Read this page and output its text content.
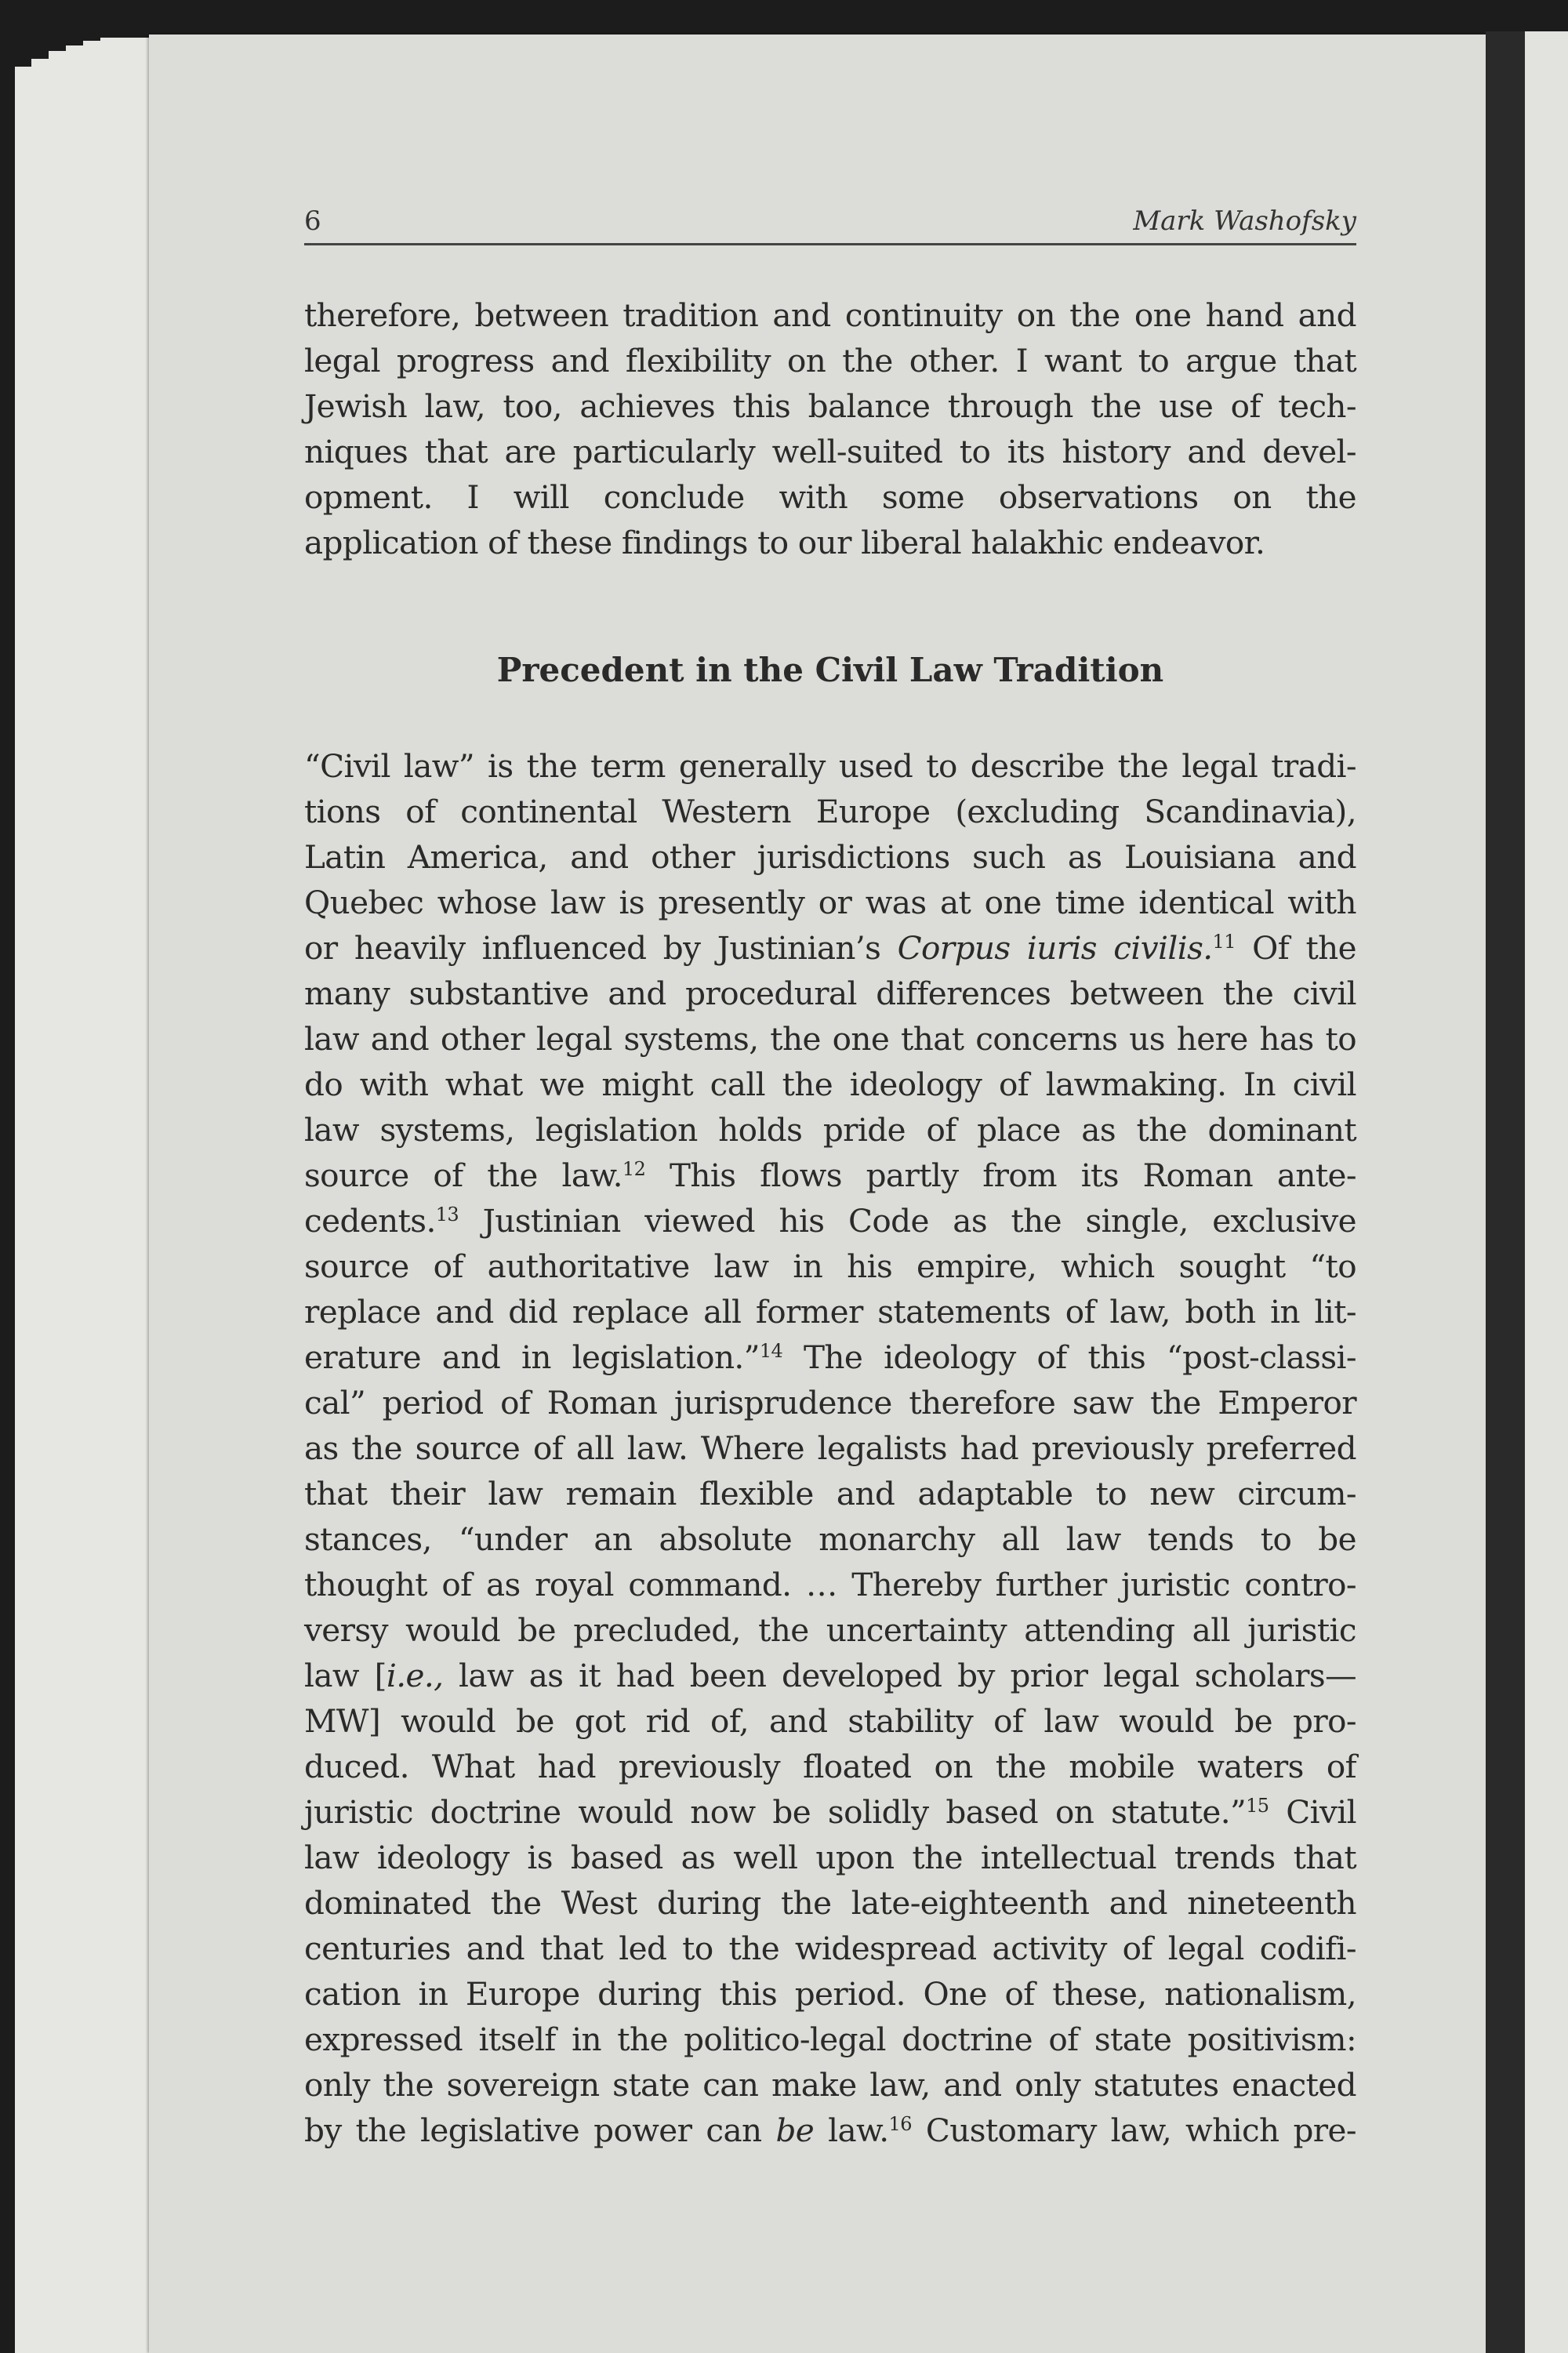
6	Mark Washofsky
therefore, between tradition and continuity on the one hand and
legal progress and flexibility on the other. I want to argue that
Jewish law, too, achieves this balance through the use of tech-
niques that are particularly well-suited to its history and devel-
opment. I will conclude with some observations on the
application of these findings to our liberal halakhic endeavor.
Precedent in the Civil Law Tradition
“Civil law” is the term generally used to describe the legal tradi-
tions of continental Western Europe (excluding Scandinavia),
Latin America, and other jurisdictions such as Louisiana and
Quebec whose law is presently or was at one time identical with
or heavily influenced by Justinian’s Corpus iuris civilis.$^{11}$ Of the
many substantive and procedural differences between the civil
law and other legal systems, the one that concerns us here has to
do with what we might call the ideology of lawmaking. In civil
law systems, legislation holds pride of place as the dominant
source of the law.$^{12}$ This flows partly from its Roman ante-
cedents.$^{13}$ Justinian viewed his Code as the single, exclusive
source of authoritative law in his empire, which sought “to
replace and did replace all former statements of law, both in lit-
erature and in legislation.”$^{14}$ The ideology of this “post-classi-
cal” period of Roman jurisprudence therefore saw the Emperor
as the source of all law. Where legalists had previously preferred
that their law remain flexible and adaptable to new circum-
stances, “under an absolute monarchy all law tends to be
thought of as royal command. … Thereby further juristic contro-
versy would be precluded, the uncertainty attending all juristic
law [i.e., law as it had been developed by prior legal scholars—
MW] would be got rid of, and stability of law would be pro-
duced. What had previously floated on the mobile waters of
juristic doctrine would now be solidly based on statute.”$^{15}$ Civil
law ideology is based as well upon the intellectual trends that
dominated the West during the late-eighteenth and nineteenth
centuries and that led to the widespread activity of legal codifi-
cation in Europe during this period. One of these, nationalism,
expressed itself in the politico-legal doctrine of state positivism:
only the sovereign state can make law, and only statutes enacted
by the legislative power can be law.$^{16}$ Customary law, which pre-
